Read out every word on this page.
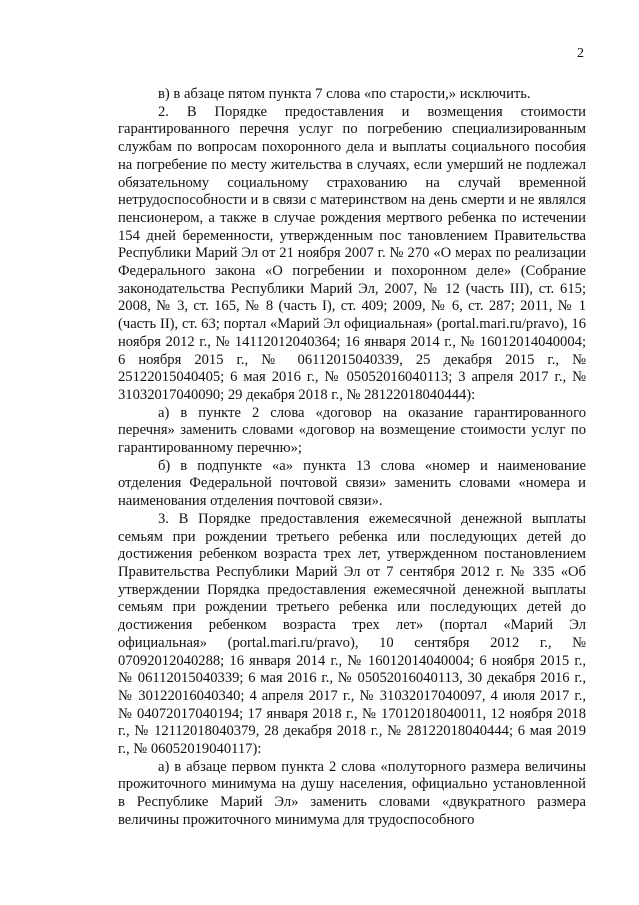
2

в) в абзаце пятом пункта 7 слова «по старости,» исключить.

2. В Порядке предоставления и возмещения стоимости гарантированного перечня услуг по погребению специализированным службам по вопросам похоронного дела и выплаты социального пособия на погребение по месту жительства в случаях, если умерший не подлежал обязательному социальному страхованию на случай временной нетрудоспособности и в связи с материнством на день смерти и не являлся пенсионером, а также в случае рождения мертвого ребенка по истечении 154 дней беременности, утвержденным пос тановлением Правительства Республики Марий Эл от 21 ноября 2007 г. № 270 «О мерах по реализации Федерального закона «О погребении и похоронном деле» (Собрание законодательства Республики Марий Эл, 2007, № 12 (часть III), ст. 615; 2008, № 3, ст. 165, № 8 (часть I), ст. 409; 2009, № 6, ст. 287; 2011, № 1 (часть II), ст. 63; портал «Марий Эл официальная» (portal.mari.ru/pravo), 16 ноября 2012 г., № 14112012040364; 16 января 2014 г., № 16012014040004; 6 ноября 2015 г., № 06112015040339, 25 декабря 2015 г., № 25122015040405; 6 мая 2016 г., № 05052016040113; 3 апреля 2017 г., № 31032017040090; 29 декабря 2018 г., № 28122018040444):

а) в пункте 2 слова «договор на оказание гарантированного перечня» заменить словами «договор на возмещение стоимости услуг по гарантированному перечню»;

б) в подпункте «а» пункта 13 слова «номер и наименование отделения Федеральной почтовой связи» заменить словами «номера и наименования отделения почтовой связи».

3. В Порядке предоставления ежемесячной денежной выплаты семьям при рождении третьего ребенка или последующих детей до достижения ребенком возраста трех лет, утвержденном постановлением Правительства Республики Марий Эл от 7 сентября 2012 г. № 335 «Об утверждении Порядка предоставления ежемесячной денежной выплаты семьям при рождении третьего ребенка или последующих детей до достижения ребенком возраста трех лет» (портал «Марий Эл официальная» (portal.mari.ru/pravo), 10 сентября 2012 г., № 07092012040288; 16 января 2014 г., № 16012014040004; 6 ноября 2015 г., № 06112015040339; 6 мая 2016 г., № 05052016040113, 30 декабря 2016 г., № 30122016040340; 4 апреля 2017 г., № 31032017040097, 4 июля 2017 г., № 04072017040194; 17 января 2018 г., № 17012018040011, 12 ноября 2018 г., № 12112018040379, 28 декабря 2018 г., № 28122018040444; 6 мая 2019 г., № 06052019040117):

а) в абзаце первом пункта 2 слова «полуторного размера величины прожиточного минимума на душу населения, официально установленной в Республике Марий Эл» заменить словами «двукратного размера величины прожиточного минимума для трудоспособного
